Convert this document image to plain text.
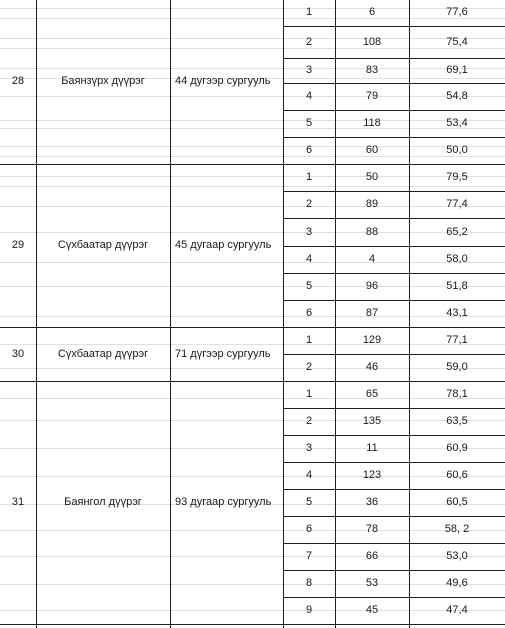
28	Баянзүрх дүүрэг	44 дугээр сургууль
1	6	77,6
2	108	75,4
3	83	69,1
4	79	54,8
5	118	53,4
6	60	50,0
29	Сүхбаатар дүүрэг	45 дугаар сургууль
1	50	79,5
2	89	77,4
3	88	65,2
4	4	58,0
5	96	51,8
6	87	43,1
30	Сүхбаатар дүүрэг	71 дүгээр сургууль
1	129	77,1
2	46	59,0
31	Баянгол дүүрэг	93 дугаар сургууль
1	65	78,1
2	135	63,5
3	11	60,9
4	123	60,6
5	36	60,5
6	78	58, 2
7	66	53,0
8	53	49,6
9	45	47,4
